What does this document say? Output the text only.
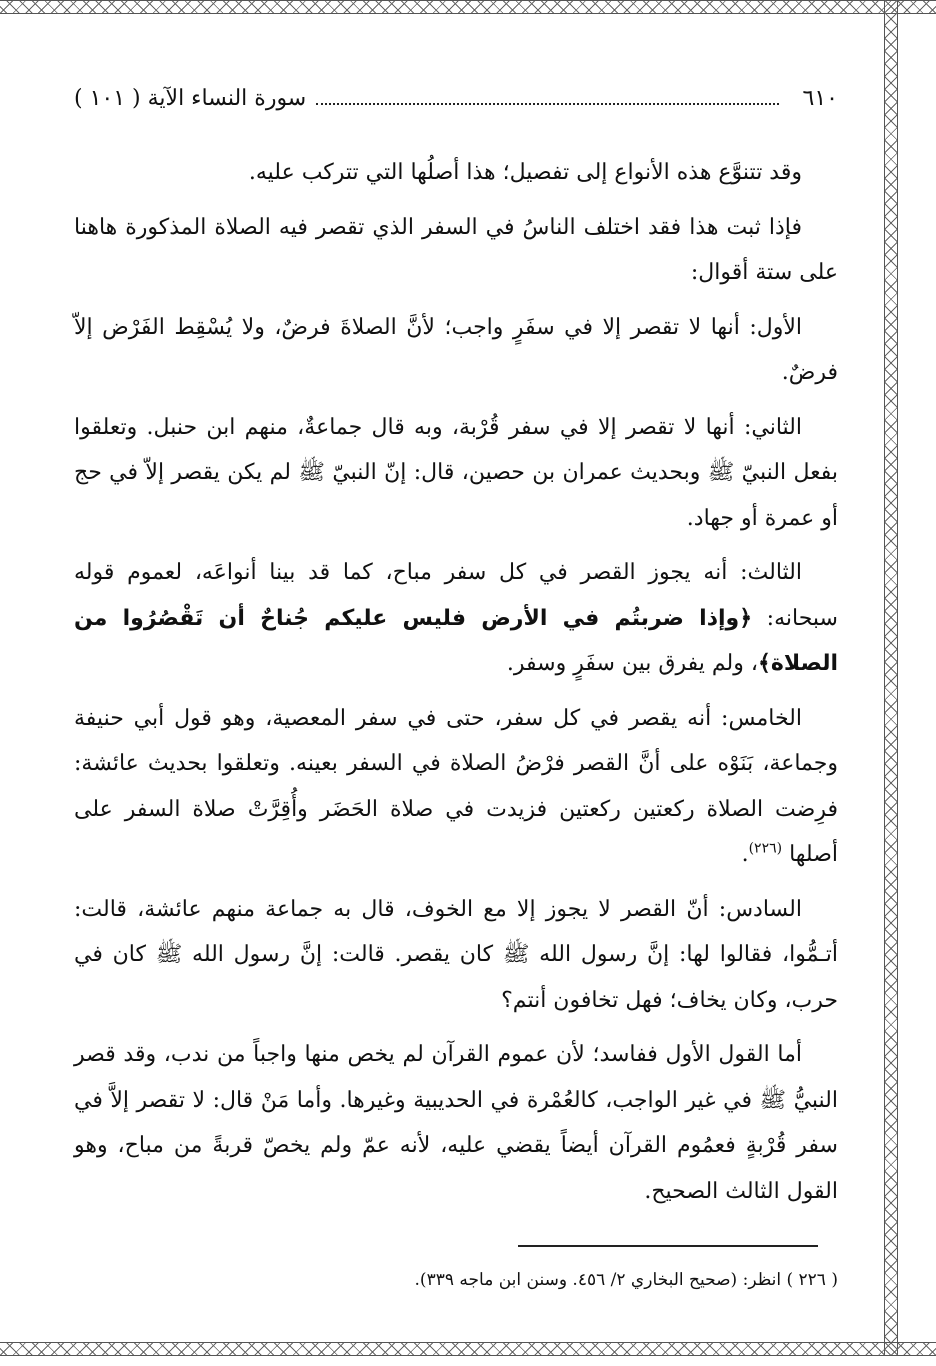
٦١٠
سورة النساء الآية ( ١٠١ )

وقد تتنوَّع هذه الأنواع إلى تفصيل؛ هذا أصلُها التي تتركب عليه.

فإذا ثبت هذا فقد اختلف الناسُ في السفر الذي تقصر فيه الصلاة المذكورة هاهنا على ستة أقوال:

الأول: أنها لا تقصر إلا في سفَرٍ واجب؛ لأنَّ الصلاةَ فرضٌ، ولا يُسْقِط الفَرْض إلاّ فرضٌ.

الثاني: أنها لا تقصر إلا في سفر قُرْبة، وبه قال جماعةٌ، منهم ابن حنبل. وتعلقوا بفعل النبيّ ﷺ وبحديث عمران بن حصين، قال: إنّ النبيّ ﷺ لم يكن يقصر إلاّ في حج أو عمرة أو جهاد.

الثالث: أنه يجوز القصر في كل سفر مباح، كما قد بينا أنواعَه، لعموم قوله سبحانه: ﴿وإذا ضربتُم في الأرض فليس عليكم جُناحٌ أن تَقْصُرُوا من الصلاة﴾، ولم يفرق بين سفَرٍ وسفر.

الخامس: أنه يقصر في كل سفر، حتى في سفر المعصية، وهو قول أبي حنيفة وجماعة، بَنَوْه على أنَّ القصر فرْضُ الصلاة في السفر بعينه. وتعلقوا بحديث عائشة: فرِضت الصلاة ركعتين ركعتين فزيدت في صلاة الحَضَر وأُقِرَّتْ صلاة السفر على أصلها $^{(٢٢٦)}$.

السادس: أنّ القصر لا يجوز إلا مع الخوف، قال به جماعة منهم عائشة، قالت: أتـمُّوا، فقالوا لها: إنَّ رسول الله ﷺ كان يقصر. قالت: إنَّ رسول الله ﷺ كان في حرب، وكان يخاف؛ فهل تخافون أنتم؟

أما القول الأول ففاسد؛ لأن عموم القرآن لم يخص منها واجباً من ندب، وقد قصر النبيُّ ﷺ في غير الواجب، كالعُمْرة في الحديبية وغيرها. وأما مَنْ قال: لا تقصر إلاَّ في سفر قُرْبةٍ فعمُوم القرآن أيضاً يقضي عليه، لأنه عمّ ولم يخصّ قربةً من مباح، وهو القول الثالث الصحيح.

( ٢٢٦ ) انظر: (صحيح البخاري ٢/ ٤٥٦. وسنن ابن ماجه ٣٣٩).
